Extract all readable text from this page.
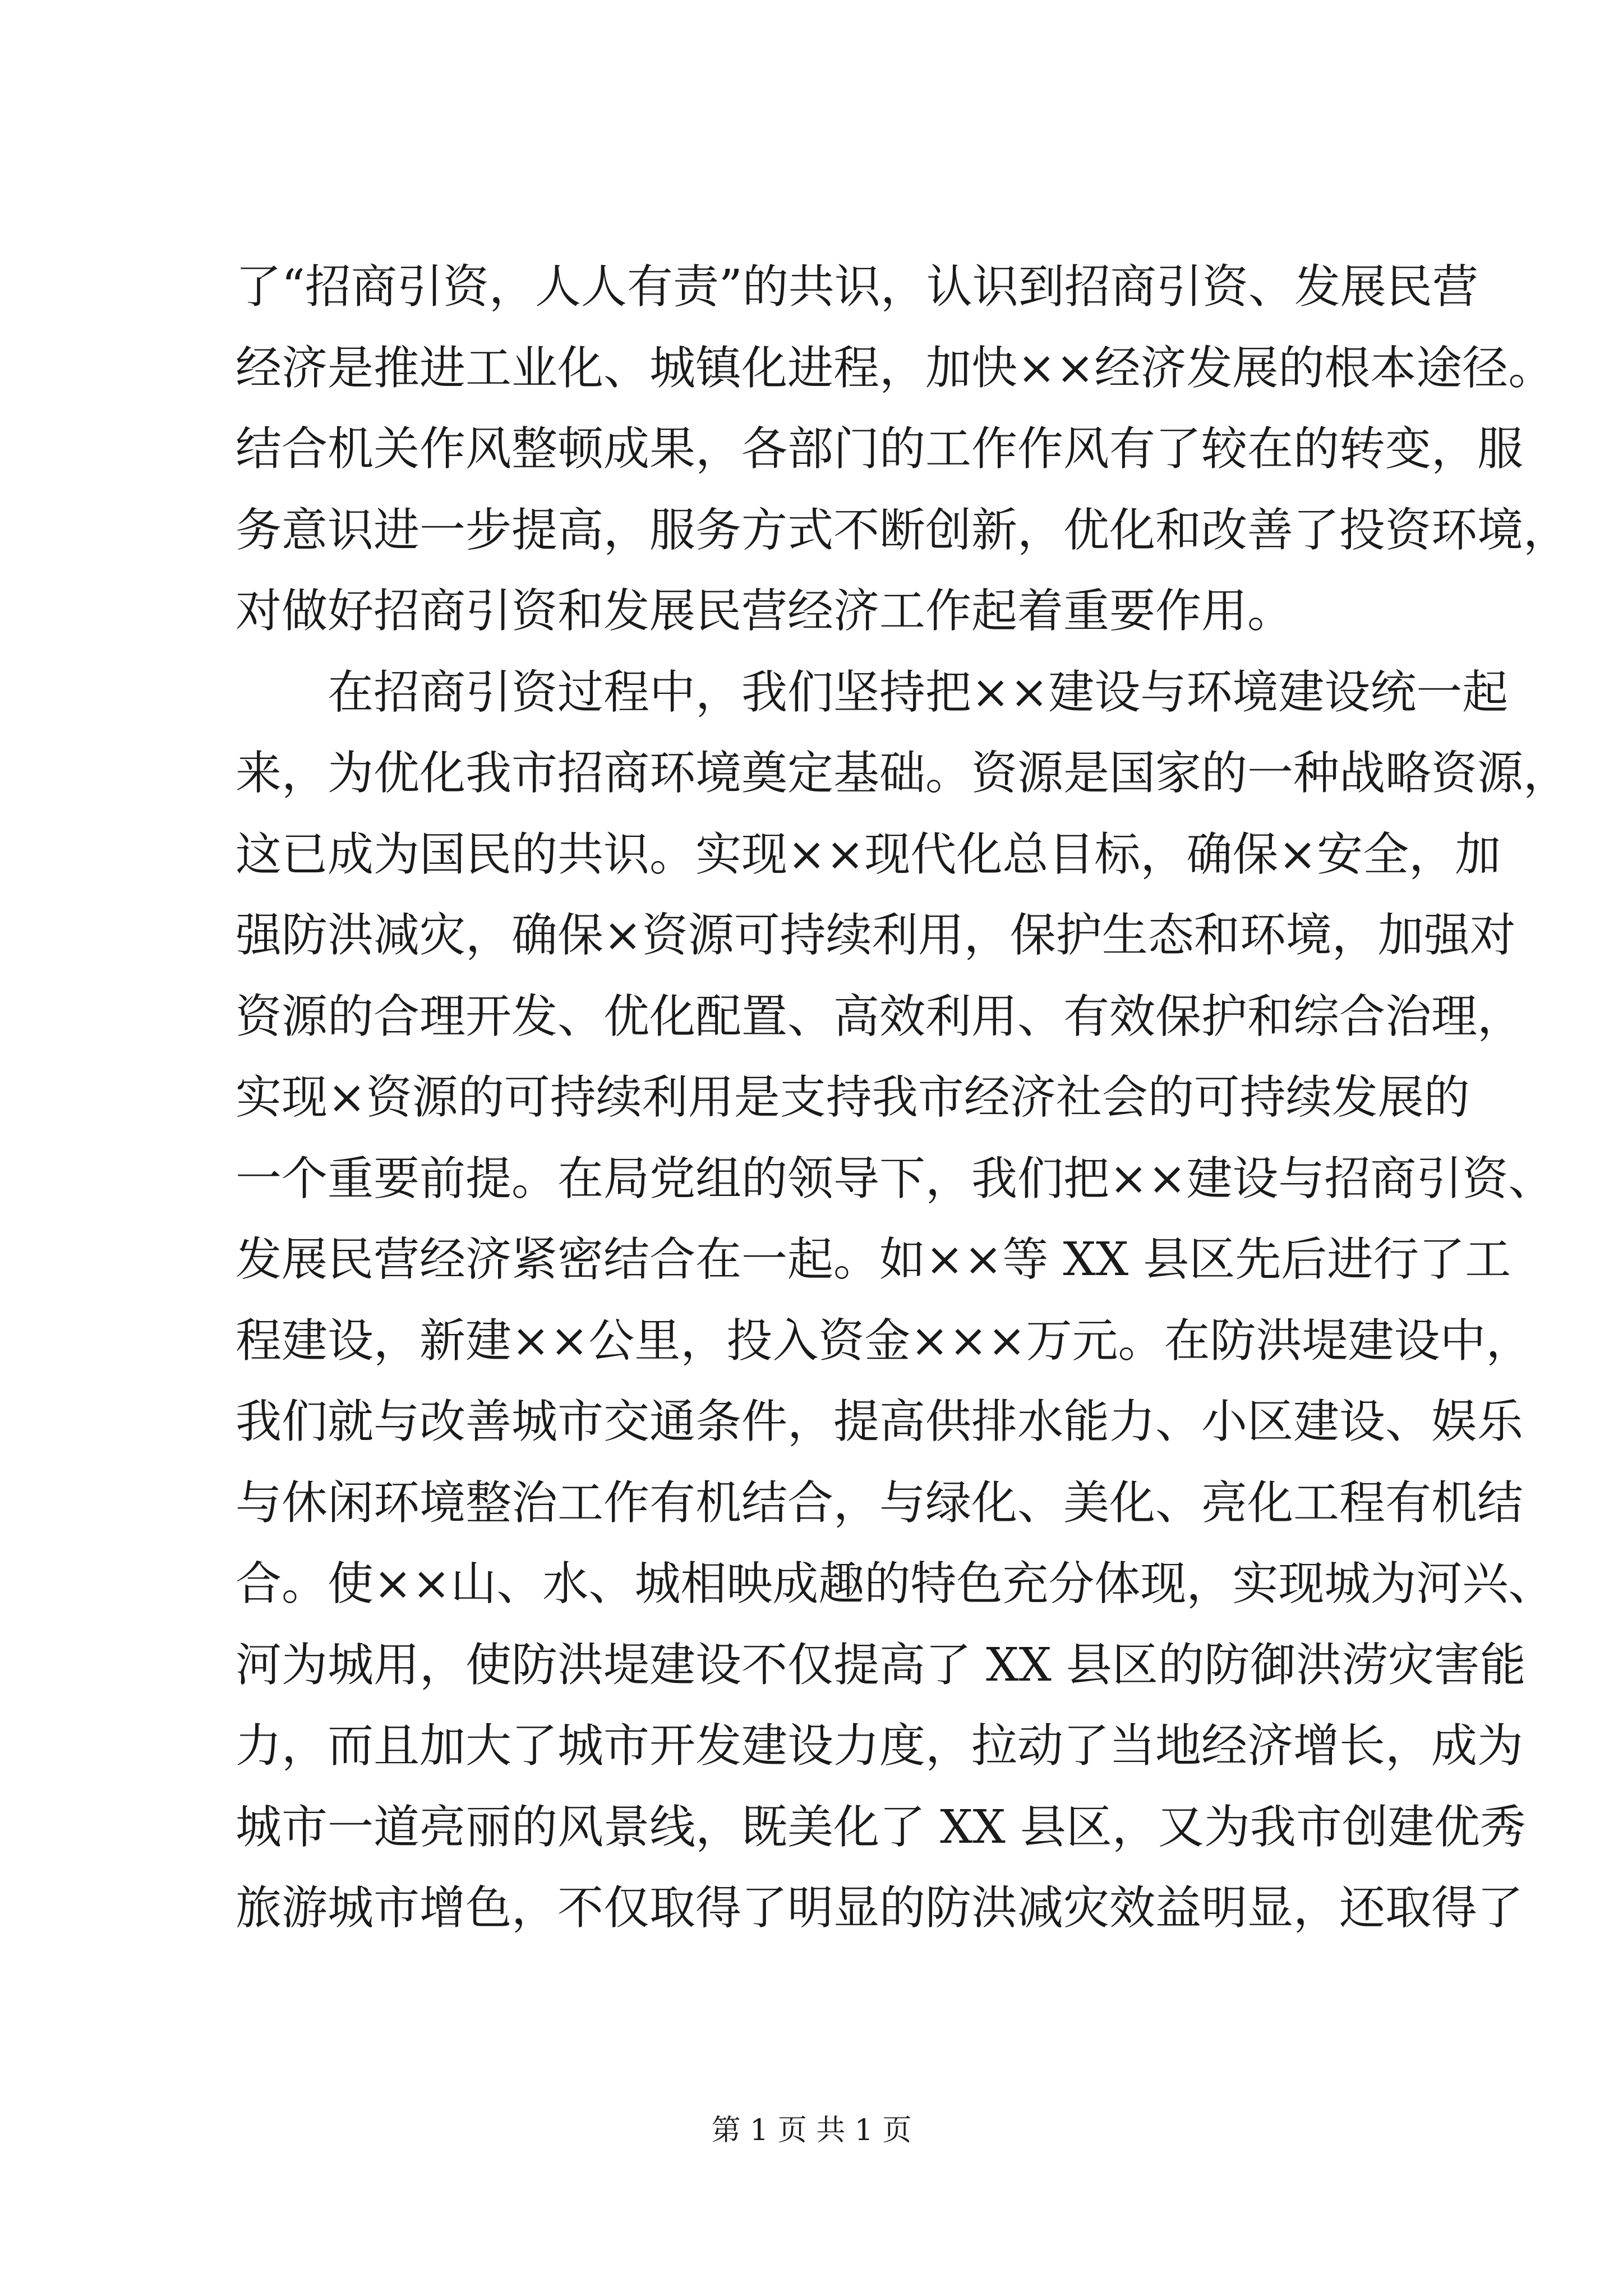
了“招商引资，人人有责”的共识，认识到招商引资、发展民营
经济是推进工业化、城镇化进程，加快××经济发展的根本途径。
结合机关作风整顿成果，各部门的工作作风有了较在的转变，服
务意识进一步提高，服务方式不断创新，优化和改善了投资环境，
对做好招商引资和发展民营经济工作起着重要作用。
在招商引资过程中，我们坚持把××建设与环境建设统一起
来，为优化我市招商环境奠定基础。资源是国家的一种战略资源，
这已成为国民的共识。实现××现代化总目标，确保×安全，加
强防洪减灾，确保×资源可持续利用，保护生态和环境，加强对
资源的合理开发、优化配置、高效利用、有效保护和综合治理，
实现×资源的可持续利用是支持我市经济社会的可持续发展的
一个重要前提。在局党组的领导下，我们把××建设与招商引资、
发展民营经济紧密结合在一起。如××等 XX 县区先后进行了工
程建设，新建××公里，投入资金×××万元。在防洪堤建设中，
我们就与改善城市交通条件，提高供排水能力、小区建设、娱乐
与休闲环境整治工作有机结合，与绿化、美化、亮化工程有机结
合。使××山、水、城相映成趣的特色充分体现，实现城为河兴、
河为城用，使防洪堤建设不仅提高了 XX 县区的防御洪涝灾害能
力，而且加大了城市开发建设力度，拉动了当地经济增长，成为
城市一道亮丽的风景线，既美化了 XX 县区，又为我市创建优秀
旅游城市增色，不仅取得了明显的防洪减灾效益明显，还取得了
第 1 页 共 1 页
